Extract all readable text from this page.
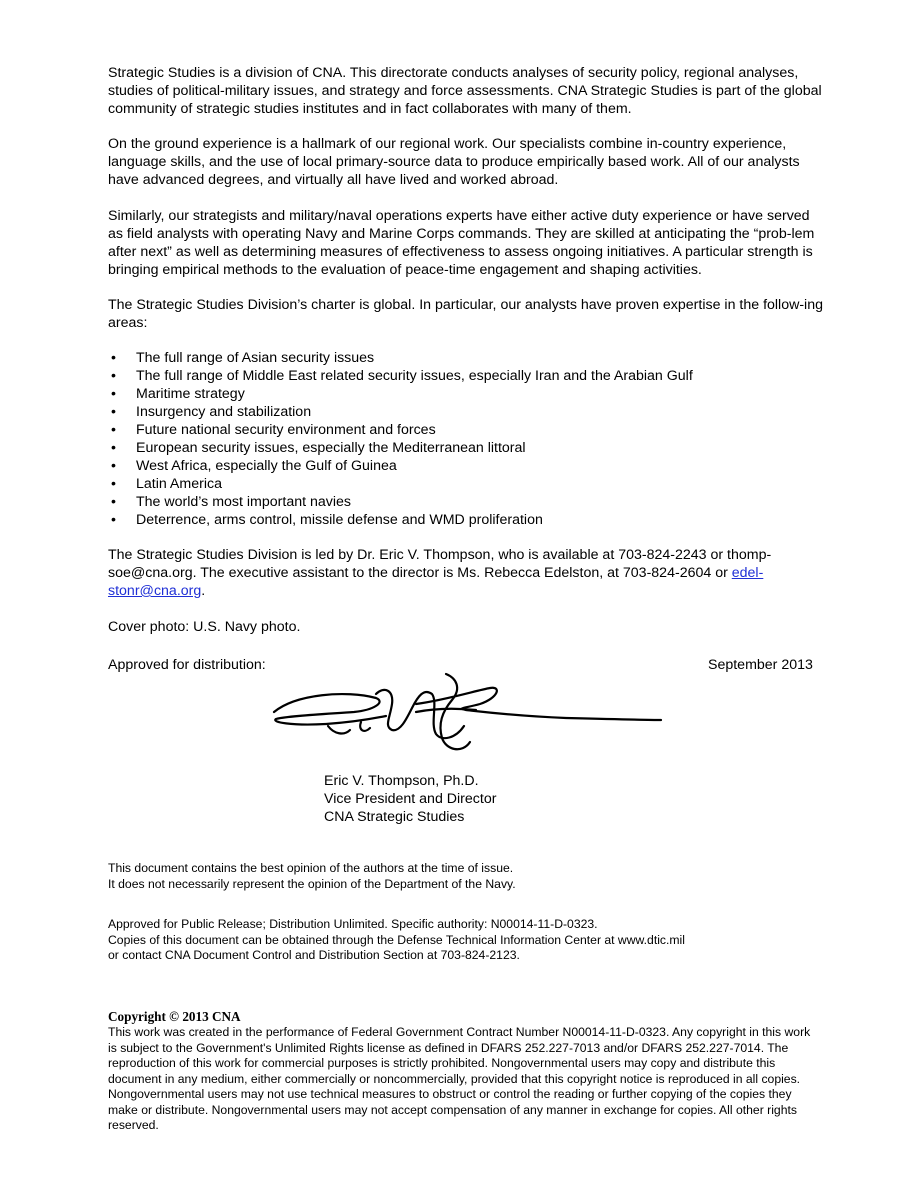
Strategic Studies is a division of CNA. This directorate conducts analyses of security policy, regional analyses, studies of political-military issues, and strategy and force assessments. CNA Strategic Studies is part of the global community of strategic studies institutes and in fact collaborates with many of them.

On the ground experience is a hallmark of our regional work. Our specialists combine in-country experience, language skills, and the use of local primary-source data to produce empirically based work. All of our analysts have advanced degrees, and virtually all have lived and worked abroad.

Similarly, our strategists and military/naval operations experts have either active duty experience or have served as field analysts with operating Navy and Marine Corps commands. They are skilled at anticipating the “prob-lem after next” as well as determining measures of effectiveness to assess ongoing initiatives. A particular strength is bringing empirical methods to the evaluation of peace-time engagement and shaping activities.

The Strategic Studies Division’s charter is global. In particular, our analysts have proven expertise in the follow-ing areas:

• The full range of Asian security issues
• The full range of Middle East related security issues, especially Iran and the Arabian Gulf
• Maritime strategy
• Insurgency and stabilization
• Future national security environment and forces
• European security issues, especially the Mediterranean littoral
• West Africa, especially the Gulf of Guinea
• Latin America
• The world’s most important navies
• Deterrence, arms control, missile defense and WMD proliferation

The Strategic Studies Division is led by Dr. Eric V. Thompson, who is available at 703-824-2243 or thomp-soe@cna.org. The executive assistant to the director is Ms. Rebecca Edelston, at 703-824-2604 or edel-stonr@cna.org.

Cover photo: U.S. Navy photo.

Approved for distribution:	September 2013
Eric V. Thompson, Ph.D.
Vice President and Director
CNA Strategic Studies
This document contains the best opinion of the authors at the time of issue.
It does not necessarily represent the opinion of the Department of the Navy.
Approved for Public Release; Distribution Unlimited. Specific authority: N00014-11-D-0323.
Copies of this document can be obtained through the Defense Technical Information Center at www.dtic.mil
or contact CNA Document Control and Distribution Section at 703-824-2123.
Copyright © 2013 CNA

This work was created in the performance of Federal Government Contract Number N00014-11-D-0323. Any copyright in this work is subject to the Government's Unlimited Rights license as defined in DFARS 252.227-7013 and/or DFARS 252.227-7014. The reproduction of this work for commercial purposes is strictly prohibited. Nongovernmental users may copy and distribute this document in any medium, either commercially or noncommercially, provided that this copyright notice is reproduced in all copies. Nongovernmental users may not use technical measures to obstruct or control the reading or further copying of the copies they make or distribute. Nongovernmental users may not accept compensation of any manner in exchange for copies. All other rights reserved.
